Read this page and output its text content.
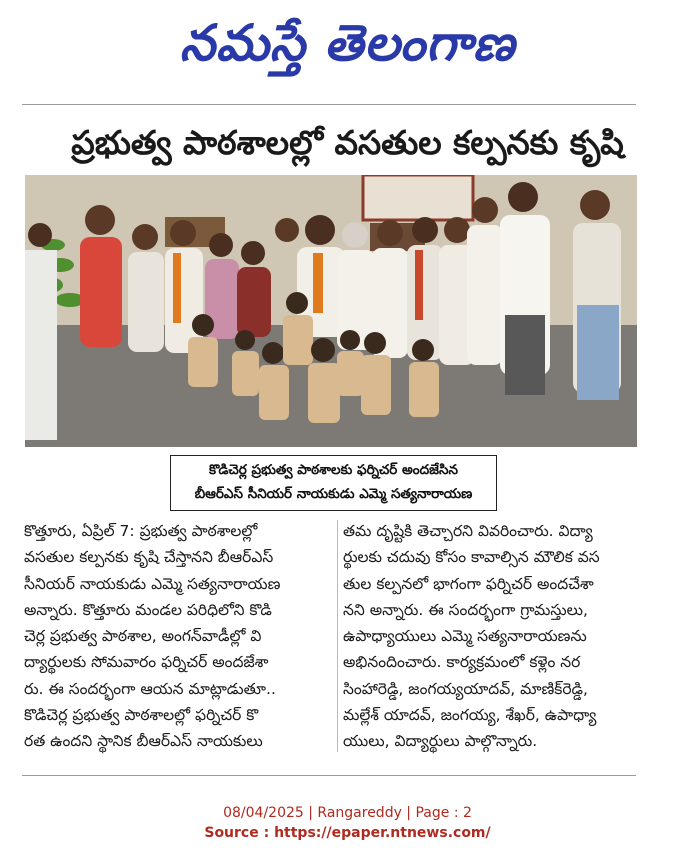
నమస్తే తెలంగాణ
ప్రభుత్వ పాఠశాలల్లో వసతుల కల్పనకు కృషి
కొడిచెర్ల ప్రభుత్వ పాఠశాలకు ఫర్నిచర్ అందజేసిన
బీఆర్ఎస్ సీనియర్ నాయకుడు ఎమ్మె సత్యనారాయణ
కొత్తూరు, ఏప్రిల్ 7: ప్రభుత్వ పాఠశాలల్లో
వసతుల కల్పనకు కృషి చేస్తానని బీఆర్ఎస్
సీనియర్ నాయకుడు ఎమ్మె సత్యనారాయణ
అన్నారు. కొత్తూరు మండల పరిధిలోని కొడి
చెర్ల ప్రభుత్వ పాఠశాల, అంగన్‌వాడీల్లో వి
ద్యార్థులకు సోమవారం ఫర్నిచర్ అందజేశా
రు. ఈ సందర్భంగా ఆయన మాట్లాడుతూ..
కొడిచెర్ల ప్రభుత్వ పాఠశాలల్లో ఫర్నిచర్ కొ
రత ఉందని స్థానిక బీఆర్ఎస్ నాయకులు
తమ దృష్టికి తెచ్చారని వివరించారు. విద్యా
ర్థులకు చదువు కోసం కావాల్సిన మౌలిక వస
తుల కల్పనలో భాగంగా ఫర్నిచర్ అందచేశా
నని అన్నారు. ఈ సందర్భంగా గ్రామస్తులు,
ఉపాధ్యాయులు ఎమ్మె సత్యనారాయణను
అభినందించారు. కార్యక్రమంలో కళ్లెం నర
సింహారెడ్డి, జంగయ్యయాదవ్, మాణిక్‌రెడ్డి,
మల్లేశ్ యాదవ్, జంగయ్య, శేఖర్, ఉపాధ్యా
యులు, విద్యార్థులు పాల్గొన్నారు.
08/04/2025 | Rangareddy | Page : 2
Source : https://epaper.ntnews.com/
